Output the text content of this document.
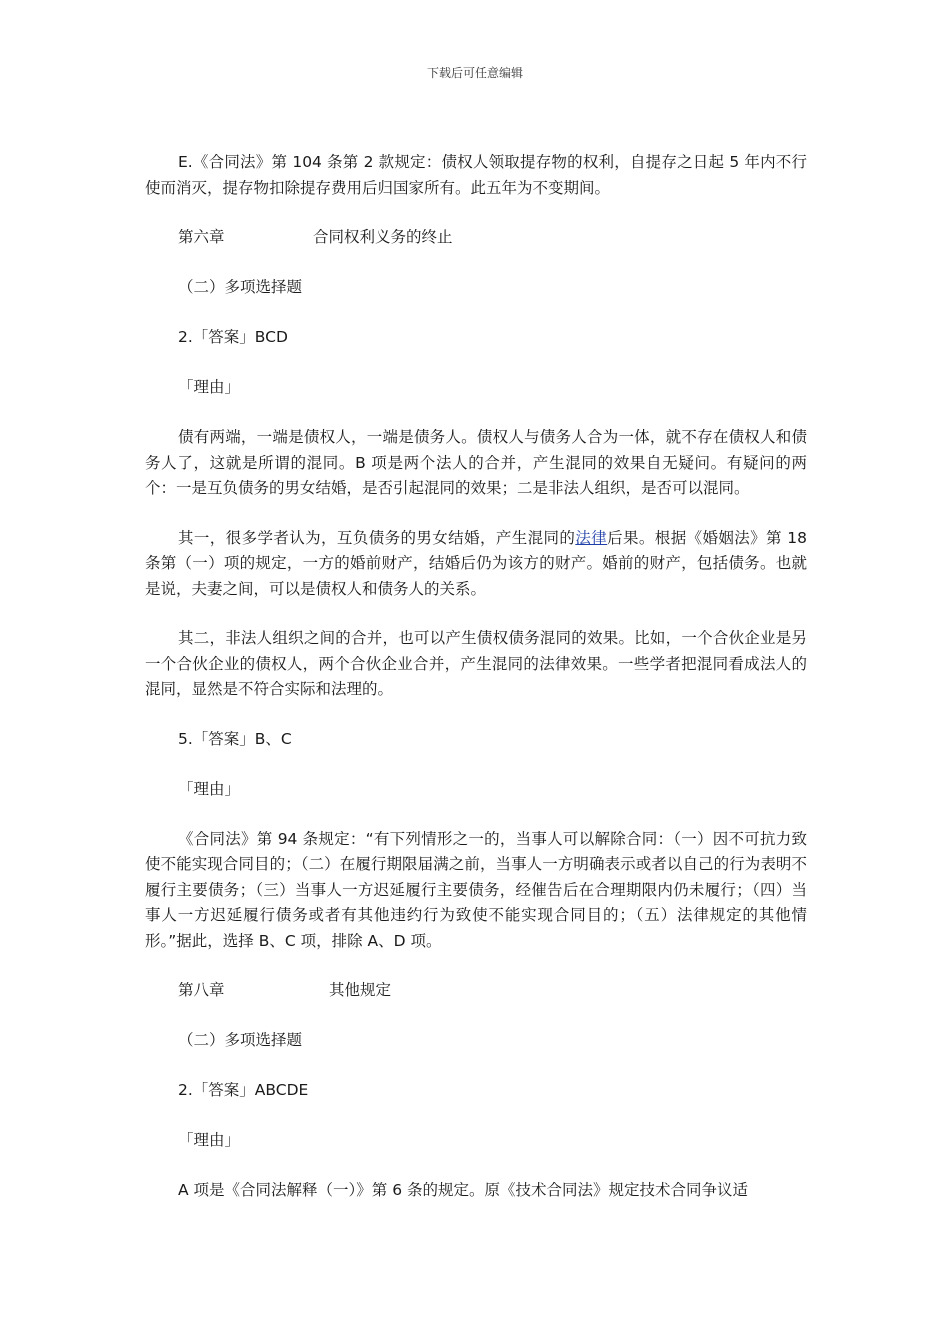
下载后可任意编辑

E.《合同法》第 104 条第 2 款规定：债权人领取提存物的权利，自提存之日起 5 年内不行使而消灭，提存物扣除提存费用后归国家所有。此五年为不变期间。

第六章	合同权利义务的终止

（二）多项选择题

2.「答案」BCD

「理由」

债有两端，一端是债权人，一端是债务人。债权人与债务人合为一体，就不存在债权人和债务人了，这就是所谓的混同。B 项是两个法人的合并，产生混同的效果自无疑问。有疑问的两个：一是互负债务的男女结婚，是否引起混同的效果；二是非法人组织，是否可以混同。

其一，很多学者认为，互负债务的男女结婚，产生混同的法律后果。根据《婚姻法》第 18 条第（一）项的规定，一方的婚前财产，结婚后仍为该方的财产。婚前的财产，包括债务。也就是说，夫妻之间，可以是债权人和债务人的关系。

其二，非法人组织之间的合并，也可以产生债权债务混同的效果。比如，一个合伙企业是另一个合伙企业的债权人，两个合伙企业合并，产生混同的法律效果。一些学者把混同看成法人的混同，显然是不符合实际和法理的。

5.「答案」B、C

「理由」

《合同法》第 94 条规定：“有下列情形之一的，当事人可以解除合同：（一）因不可抗力致使不能实现合同目的；（二）在履行期限届满之前，当事人一方明确表示或者以自己的行为表明不履行主要债务；（三）当事人一方迟延履行主要债务，经催告后在合理期限内仍未履行；（四）当事人一方迟延履行债务或者有其他违约行为致使不能实现合同目的；（五）法律规定的其他情形。”据此，选择 B、C 项，排除 A、D 项。

第八章	其他规定

（二）多项选择题

2.「答案」ABCDE

「理由」

A 项是《合同法解释（一）》第 6 条的规定。原《技术合同法》规定技术合同争议适
